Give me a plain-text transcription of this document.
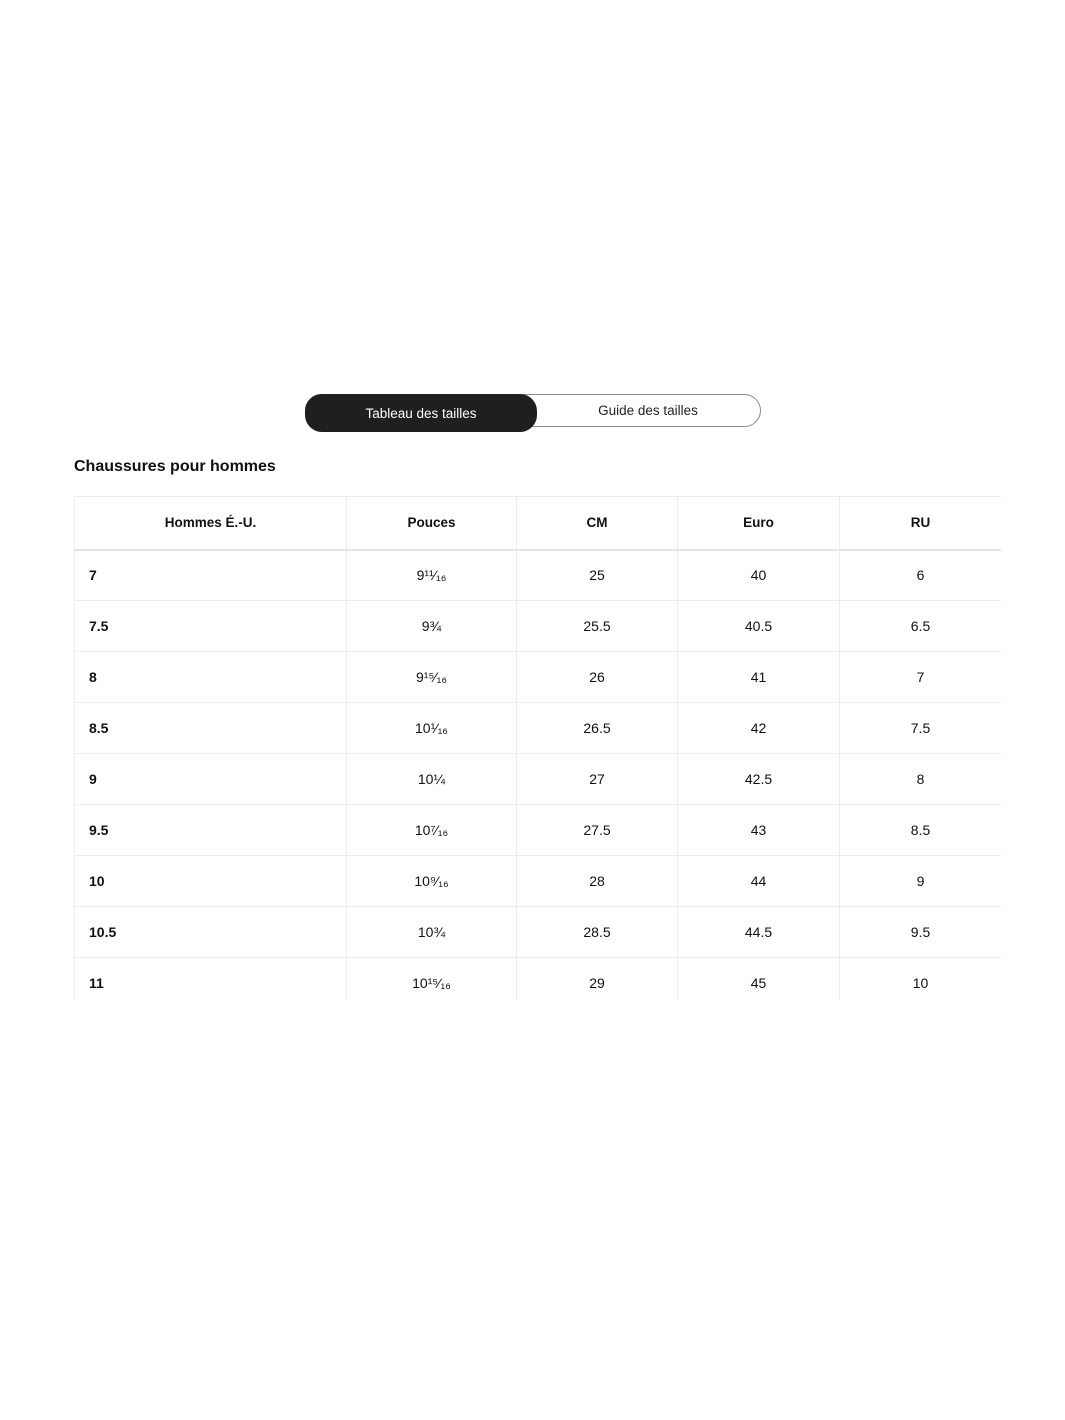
Tableau des tailles	Guide des tailles
Chaussures pour hommes
Hommes É.-U.	Pouces	CM	Euro	RU
7	9¹¹⁄₁₆	25	40	6
7.5	9¾	25.5	40.5	6.5
8	9¹⁵⁄₁₆	26	41	7
8.5	10¹⁄₁₆	26.5	42	7.5
9	10¼	27	42.5	8
9.5	10⁷⁄₁₆	27.5	43	8.5
10	10⁹⁄₁₆	28	44	9
10.5	10¾	28.5	44.5	9.5
11	10¹⁵⁄₁₆	29	45	10
